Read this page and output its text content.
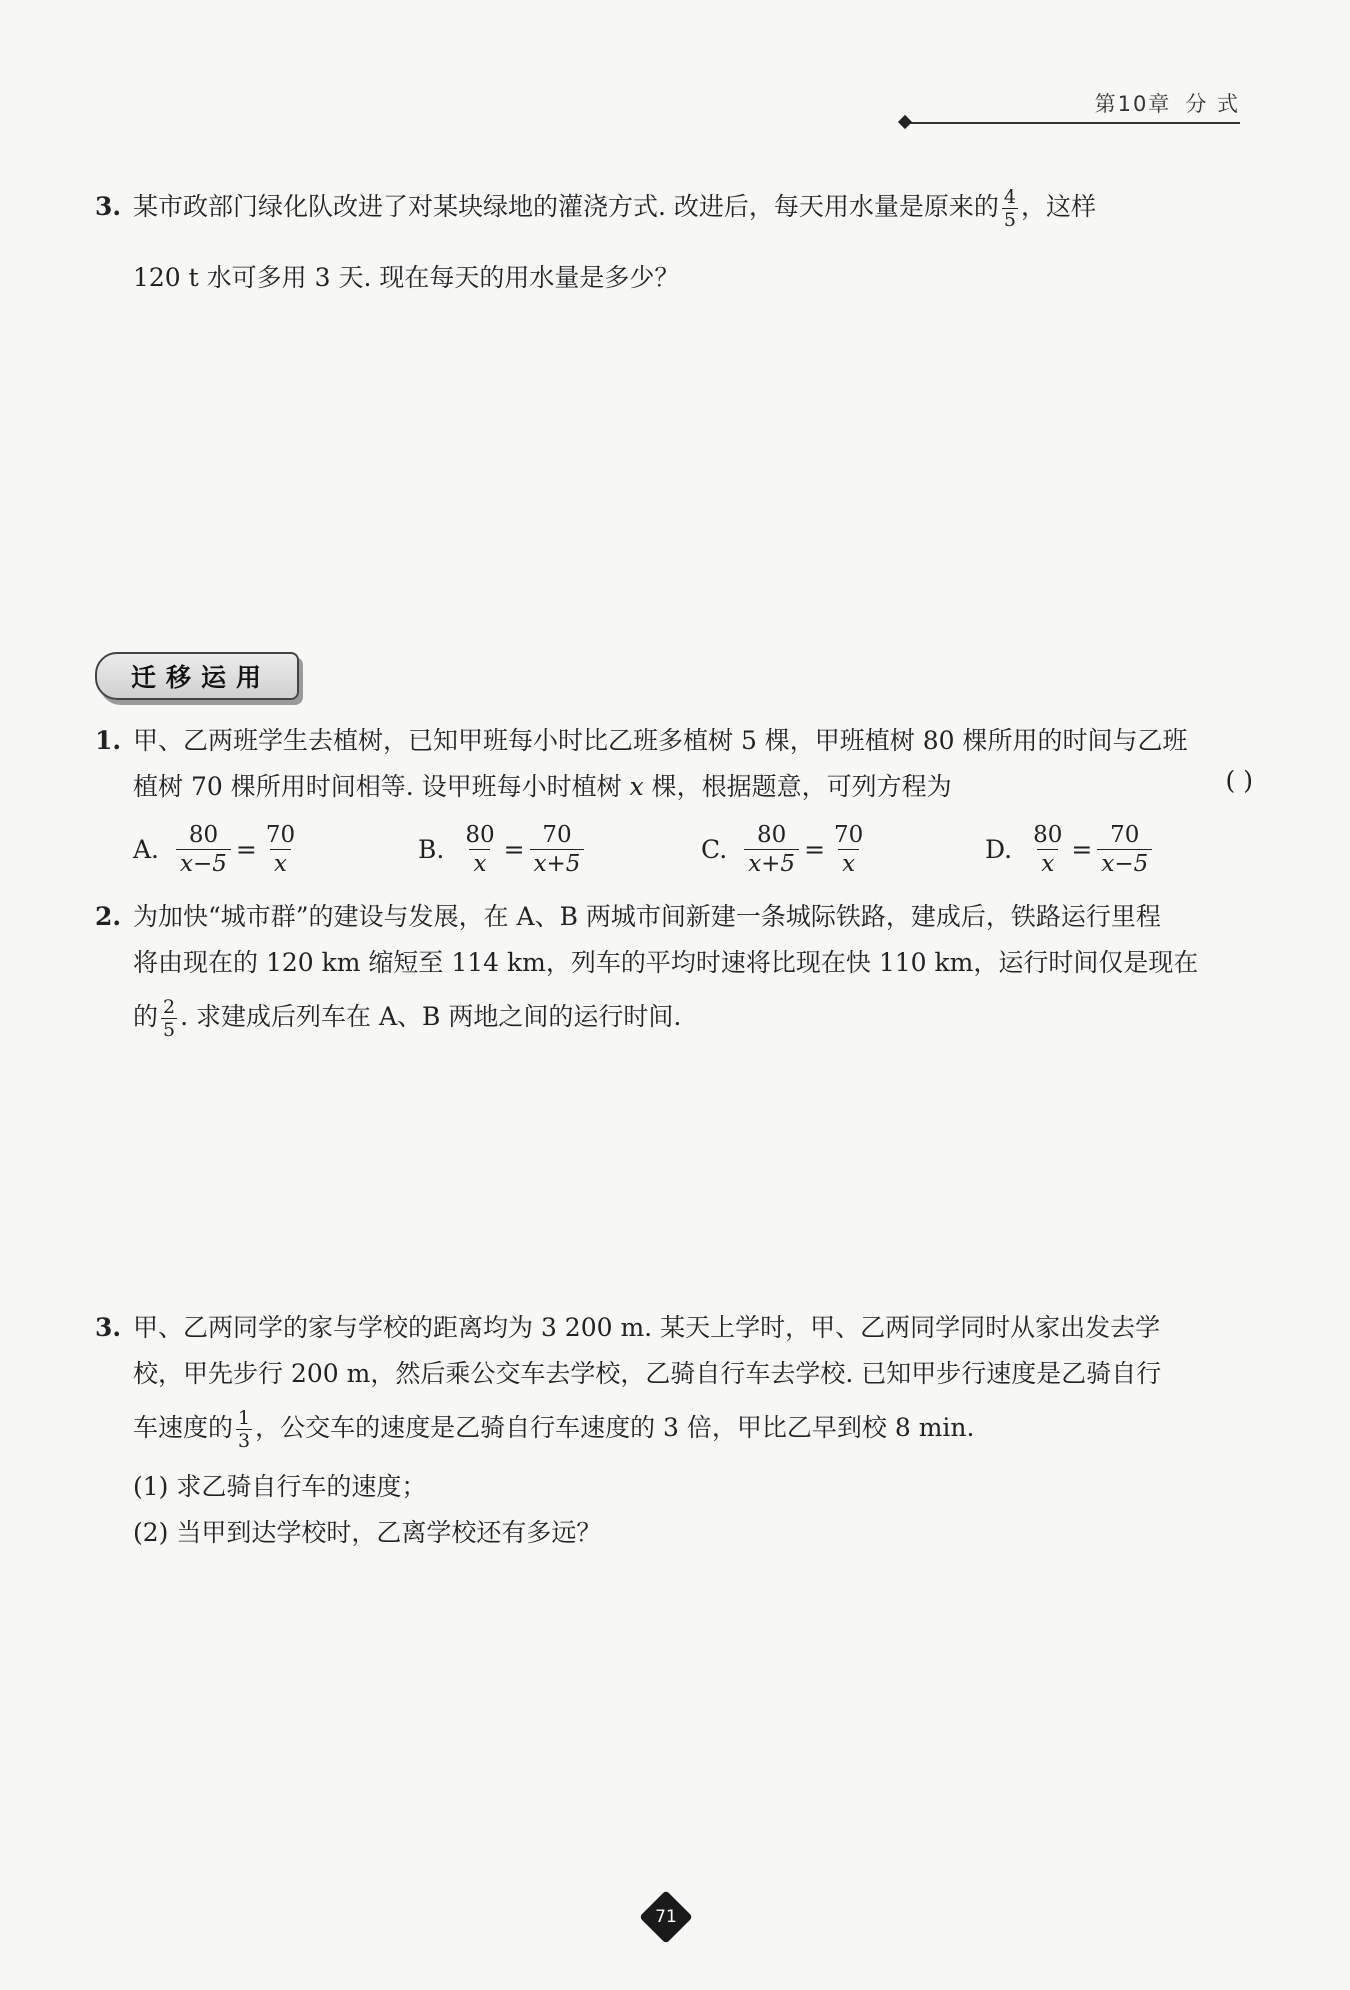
第10章 分 式
3. 某市政部门绿化队改进了对某块绿地的灌浇方式. 改进后，每天用水量是原来的 $\frac{4}{5}$ ，这样
120 t 水可多用 3 天. 现在每天的用水量是多少？
迁移运用
1. 甲、乙两班学生去植树，已知甲班每小时比乙班多植树 5 棵，甲班植树 80 棵所用的时间与乙班
植树 70 棵所用时间相等. 设甲班每小时植树 x 棵，根据题意，可列方程为	( )
A. $\frac{80}{x-5} = \frac{70}{x}$	B. $\frac{80}{x} = \frac{70}{x+5}$	C. $\frac{80}{x+5} = \frac{70}{x}$	D. $\frac{80}{x} = \frac{70}{x-5}$
2. 为加快“城市群”的建设与发展，在 A、B 两城市间新建一条城际铁路，建成后，铁路运行里程
将由现在的 120 km 缩短至 114 km，列车的平均时速将比现在快 110 km，运行时间仅是现在
的 $\frac{2}{5}$ . 求建成后列车在 A、B 两地之间的运行时间.
3. 甲、乙两同学的家与学校的距离均为 3 200 m. 某天上学时，甲、乙两同学同时从家出发去学
校，甲先步行 200 m，然后乘公交车去学校，乙骑自行车去学校. 已知甲步行速度是乙骑自行
车速度的 $\frac{1}{3}$ ，公交车的速度是乙骑自行车速度的 3 倍，甲比乙早到校 8 min.
(1) 求乙骑自行车的速度；
(2) 当甲到达学校时，乙离学校还有多远？
71
